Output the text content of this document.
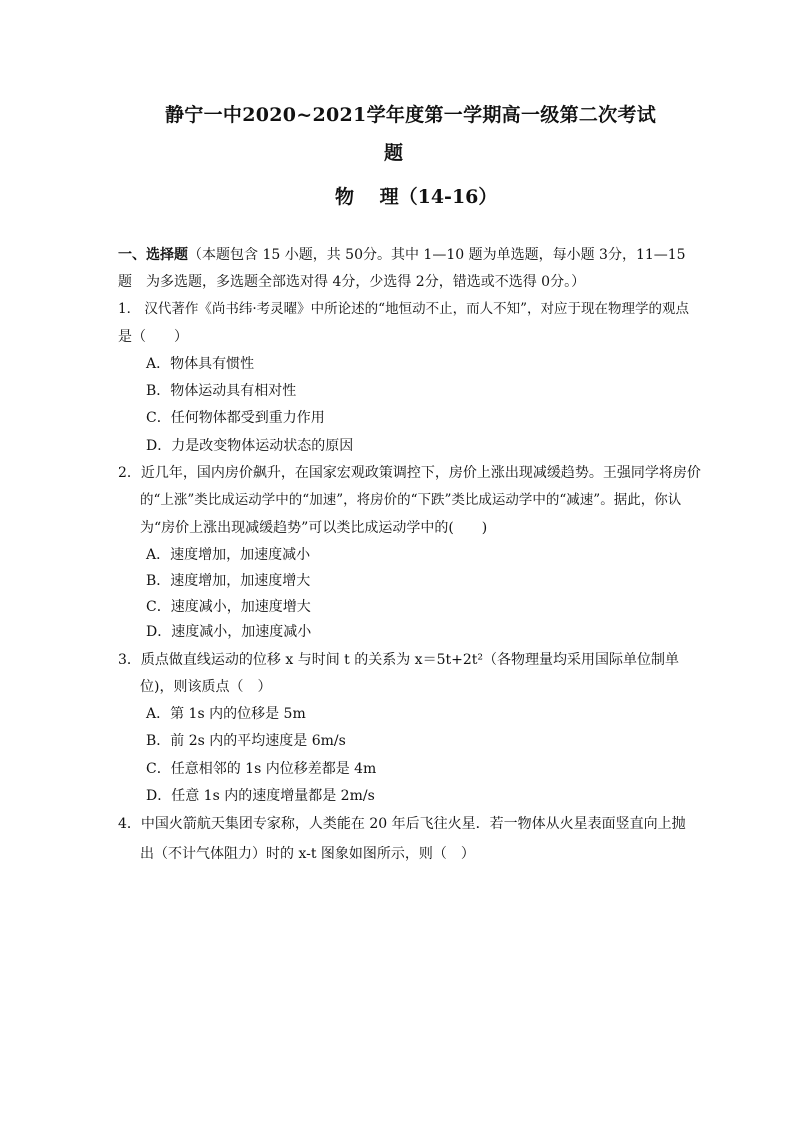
静宁一中2020~2021学年度第一学期高一级第二次考试
题
物　 理（14-16）
一、选择题（本题包含 15 小题，共 50分。其中 1—10 题为单选题，每小题 3分，11—15
题　为多选题，多选题全部选对得 4分，少选得 2分，错选或不选得 0分。）
1． 汉代著作《尚书纬·考灵曜》中所论述的“地恒动不止，而人不知”，对应于现在物理学的观点
是（　　）
A．物体具有惯性
B．物体运动具有相对性
C．任何物体都受到重力作用
D．力是改变物体运动状态的原因
2．近几年，国内房价飙升，在国家宏观政策调控下，房价上涨出现减缓趋势。王强同学将房价
的“上涨”类比成运动学中的“加速”，将房价的“下跌”类比成运动学中的“减速”。据此，你认
为“房价上涨出现减缓趋势”可以类比成运动学中的(　　)
A．速度增加，加速度减小
B．速度增加，加速度增大
C．速度减小，加速度增大
D．速度减小，加速度减小
3．质点做直线运动的位移 x 与时间 t 的关系为 x＝5t+2t²（各物理量均采用国际单位制单
位)，则该质点（　）
A．第 1s 内的位移是 5m
B．前 2s 内的平均速度是 6m/s
C．任意相邻的 1s 内位移差都是 4m
D．任意 1s 内的速度增量都是 2m/s
4．中国火箭航天集团专家称，人类能在 20 年后飞往火星．若一物体从火星表面竖直向上抛
出（不计气体阻力）时的 x-t 图象如图所示，则（　）
